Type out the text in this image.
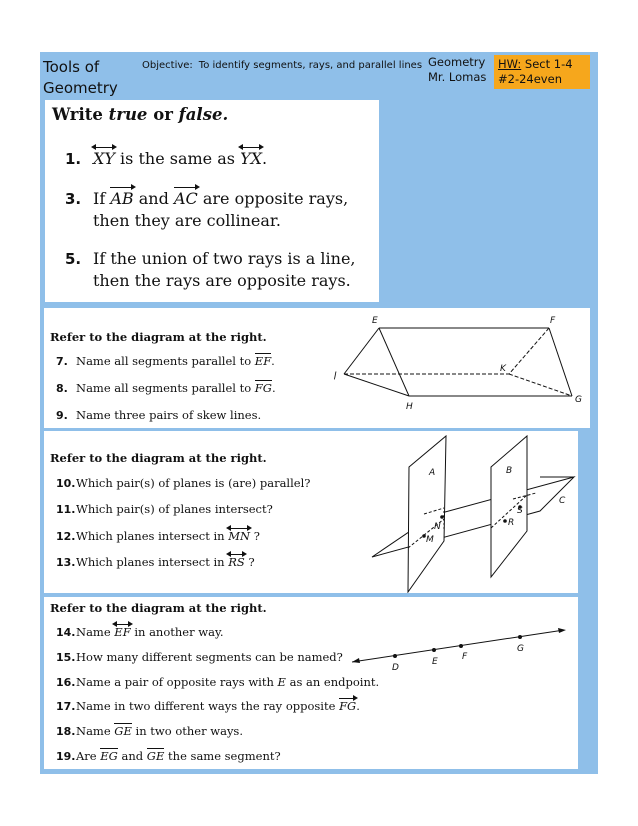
Tools of
Geometry
Objective: To identify segments, rays, and parallel lines Geometry
Mr. Lomas
HW: Sect 1-4
#2-24even
Write true or false.
1. XY is the same as YX.
3. If AB and AC are opposite rays,
then they are collinear.
5. If the union of two rays is a line,
then the rays are opposite rays.
Refer to the diagram at the right.
7. Name all segments parallel to EF.
8. Name all segments parallel to FG.
9. Name three pairs of skew lines.
E	F
J
K
H
G
Refer to the diagram at the right.
10.Which pair(s) of planes is (are) parallel?
11.Which pair(s) of planes intersect?
12.Which planes intersect in MN ?
13.Which planes intersect in RS ?
A	B
C
N
M
S
R
Refer to the diagram at the right.
14.Name EF in another way.
15.How many different segments can be named?
16.Name a pair of opposite rays with E as an endpoint.
17.Name in two different ways the ray opposite FG.
18.Name GE in two other ways.
19.Are EG and GE the same segment?
D
E	F
G
